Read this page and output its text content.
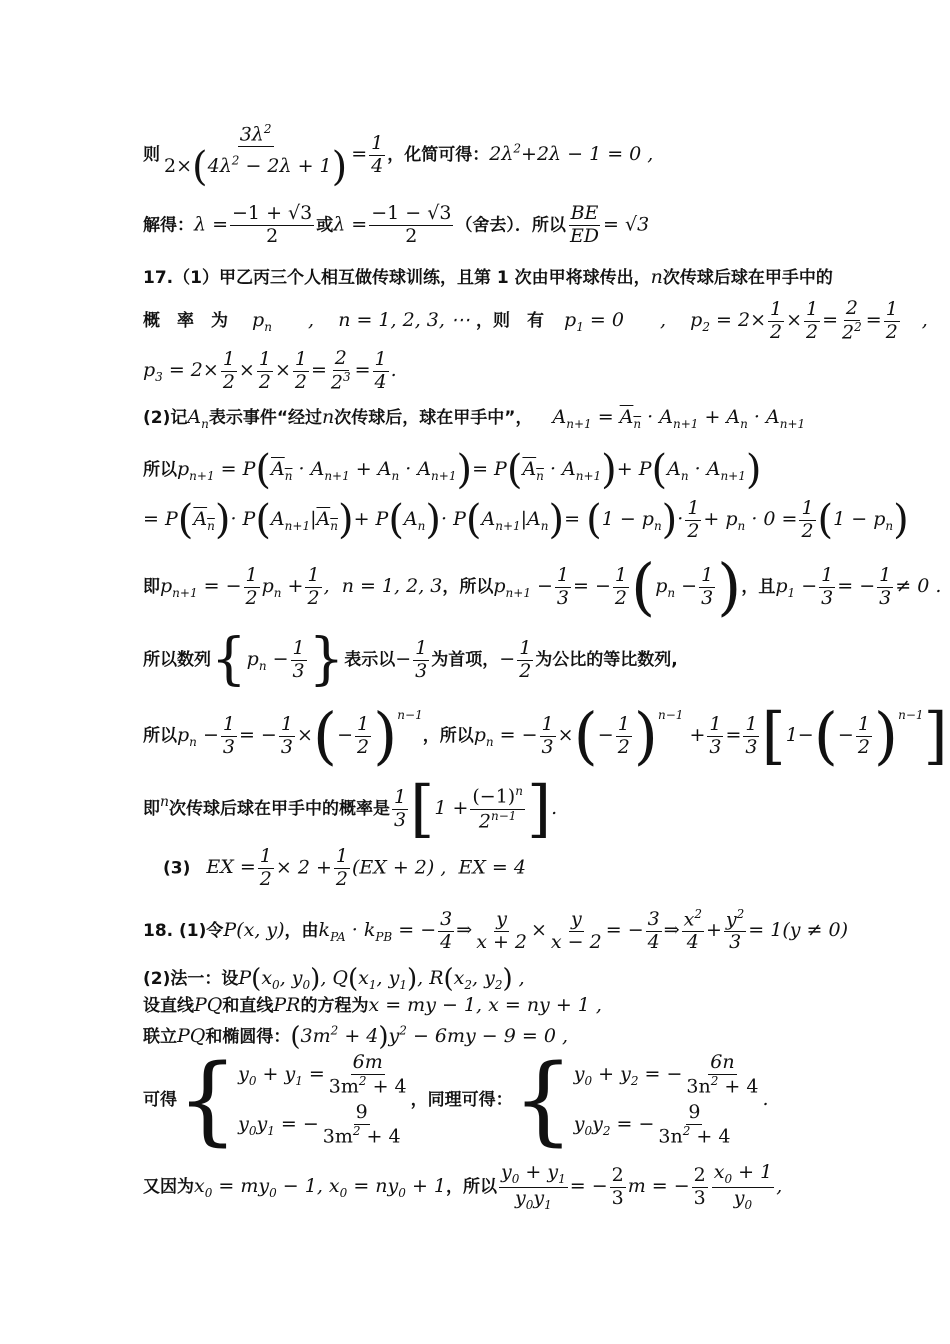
则 $\frac{3\lambda^2}{2\times(4\lambda^2 - 2\lambda + 1)} = \frac{1}{4}$ ，化简可得：$2\lambda^2+2\lambda - 1 = 0$ ,
解得：$\lambda = \frac{-1 + √3}{2}$ 或$\lambda = \frac{-1 - √3}{2}$ （舍去）．所以 $\frac{BE}{ED} = √3$
17.（1）甲乙丙三个人相互做传球训练，且第 1 次由甲将球传出，n次传球后球在甲手中的
概　率　为 $p_n$ ,    n = 1, 2, 3, ⋯ ，则　有 $p_1 = 0$ ,    $p_2 = 2\times \frac{1}{2} \times \frac{1}{2} = \frac{2}{2^2} = \frac{1}{2}$ ,
$p_3 = 2\times \frac{1}{2} \times \frac{1}{2} \times \frac{1}{2} = \frac{2}{2^3} = \frac{1}{4}$ .
(2)记$A_n$表示事件“经过n次传球后，球在甲手中”， $A_{n+1} = A_n \cdot A_{n+1} + A_n \cdot A_{n+1}$
所以$p_{n+1} = P(A_n \cdot A_{n+1} + A_n \cdot A_{n+1})= P(A_n \cdot A_{n+1})+ P(A_n \cdot A_{n+1})$
= $P(A_n)\cdot P(A_{n+1}|A_n)+ P(A_n)\cdot P(A_{n+1}|A_n)= (1 - p_n)\cdot \frac{1}{2} + p_n \cdot 0 = \frac{1}{2} (1 - p_n)$
即$p_{n+1}$ = − $\frac{1}{2} p_n + \frac{1}{2}$ ,  n = 1, 2, 3，所以$p_{n+1} - \frac{1}{3}$ = − $\frac{1}{2} (p_n - \frac{1}{3}$ )，且$p_1 - \frac{1}{3}$ = − $\frac{1}{3} \ne 0$ .
所以数列{$p_n - \frac{1}{3}$ }表示以− $\frac{1}{3}$ 为首项，− $\frac{1}{2}$ 为公比的等比数列,
所以$p_n - \frac{1}{3}$ = − $\frac{1}{3}$ ×(− $\frac{1}{2} )^{n-1}$，所以$p_n$ = − $\frac{1}{3}$ ×(− $\frac{1}{2} )^{n-1} + \frac{1}{3} = \frac{1}{3} [1-(- \frac{1}{2} )^{n-1}]$
即$^n$次传球后球在甲手中的概率是 $\frac{1}{3} [1 + \frac{(-1)^n}{2^{n-1}}$ ].
(3) EX = $\frac{1}{2} \times 2 + \frac{1}{2} (EX + 2)$ ,  EX = 4
18. (1)令P(x, y)，由$k_{PA} \cdot k_{PB}$ = − $\frac{3}{4}$ ⇒ $\frac{y}{x + 2} \times \frac{y}{x - 2}$ = − $\frac{3}{4}$ ⇒ $\frac{x^2}{4} + \frac{y^2}{3} = 1(y \ne 0)$
(2)法一：设$P(x_0$, $y_0$), $Q(x_1$, $y_1$), $R(x_2$, $y_2$) ,
设直线PQ和直线PR的方程为x = my − 1, x = ny + 1 ,
联立PQ和椭圆得：$(3m^2 + 4)y^2 - 6my - 9 = 0$ ,
可得{ $y_0 + y_1 = \frac{6m}{3m^2 + 4}$
$y_0y_1$ = − $\frac{9}{3m^2 + 4}$
，同理可得：{ $y_0 + y_2$ = − $\frac{6n}{3n^2 + 4}$
$y_0y_2$ = − $\frac{9}{3n^2 + 4}$
.
又因为$x_0 = my_0 - 1$, $x_0 = ny_0 + 1$，所以 $\frac{y_0 + y_1}{y_0y_1}$ = − $\frac{2}{3}$ m = − $\frac{2}{3} \frac{x_0 + 1}{y_0}$ ,
